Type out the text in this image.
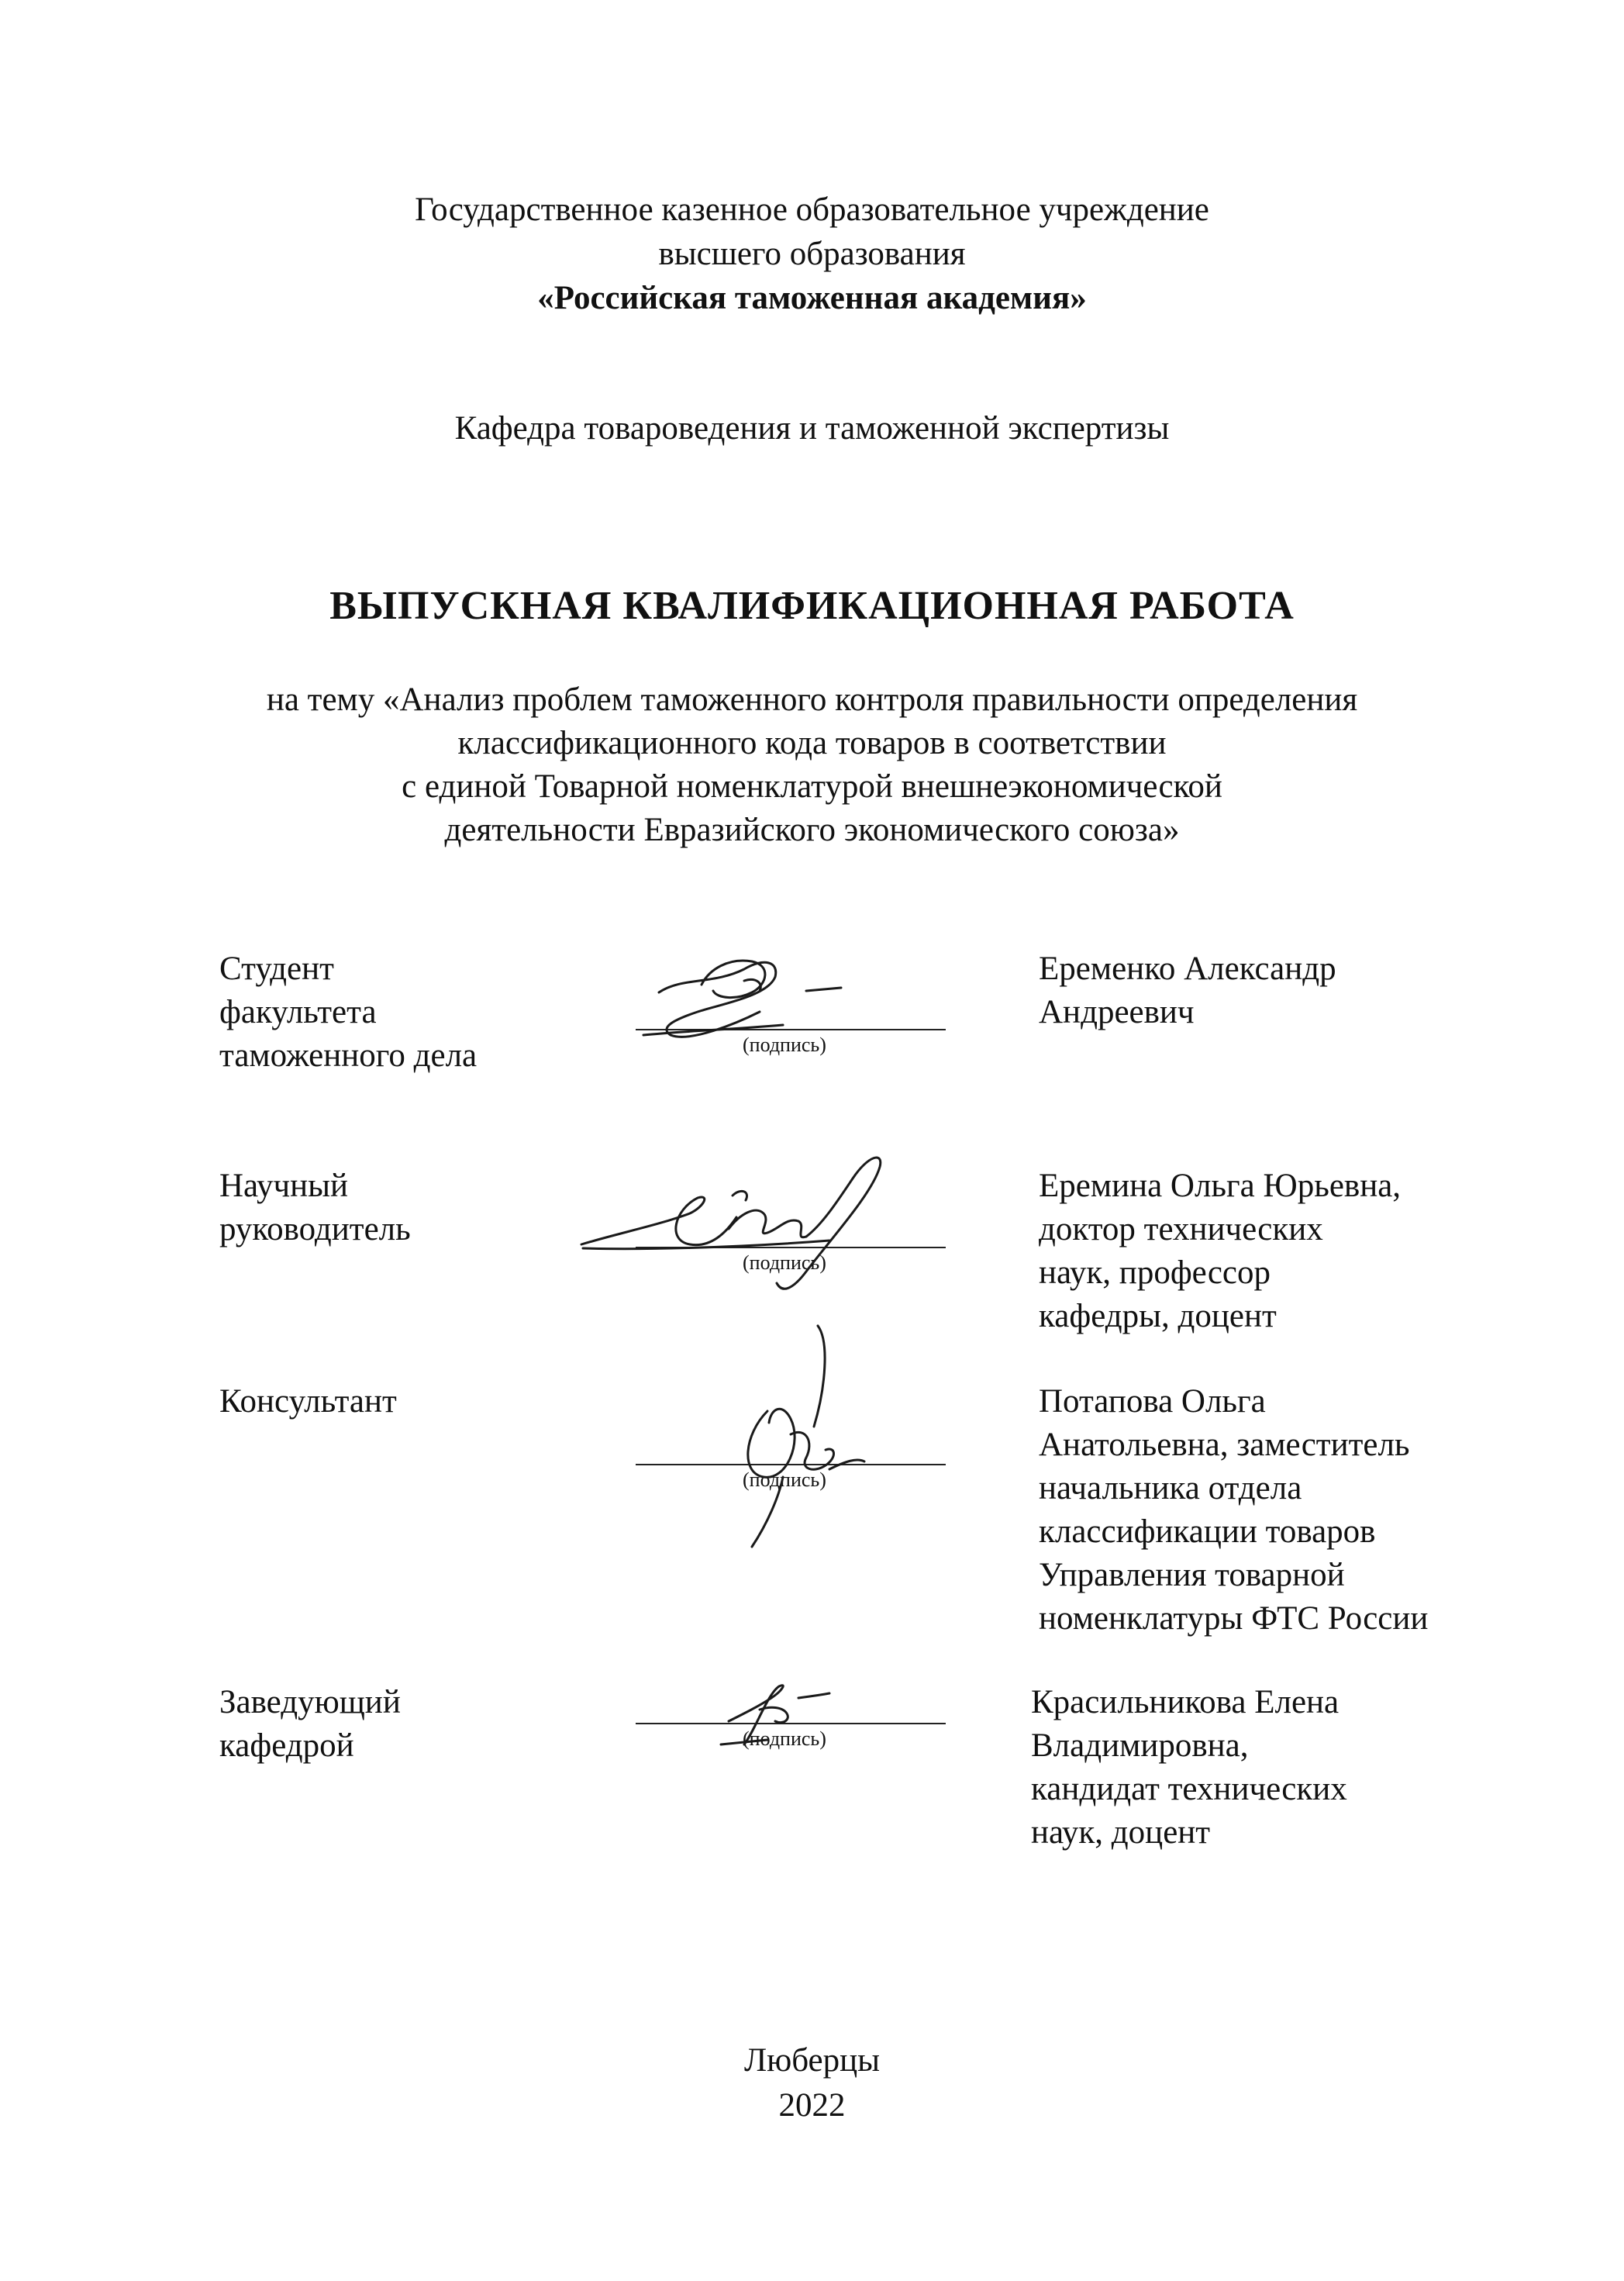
Государственное казенное образовательное учреждение
высшего образования
«Российская таможенная академия»
Кафедра товароведения и таможенной экспертизы
ВЫПУСКНАЯ КВАЛИФИКАЦИОННАЯ РАБОТА
на тему «Анализ проблем таможенного контроля правильности определения
классификационного кода товаров в соответствии
с единой Товарной номенклатурой внешнеэкономической
деятельности Евразийского экономического союза»
Студент
факультета
таможенного дела	(подпись)
Еременко Александр
Андреевич
Научный
руководитель
(подпись)
Еремина Ольга Юрьевна,
доктор технических
наук, профессор
кафедры, доцент
Консультант
(подпись)
Потапова Ольга
Анатольевна, заместитель
начальника отдела
классификации товаров
Управления товарной
номенклатуры ФТС России
Заведующий
кафедрой	(подпись)
Красильникова Елена
Владимировна,
кандидат технических
наук, доцент
Люберцы
2022
